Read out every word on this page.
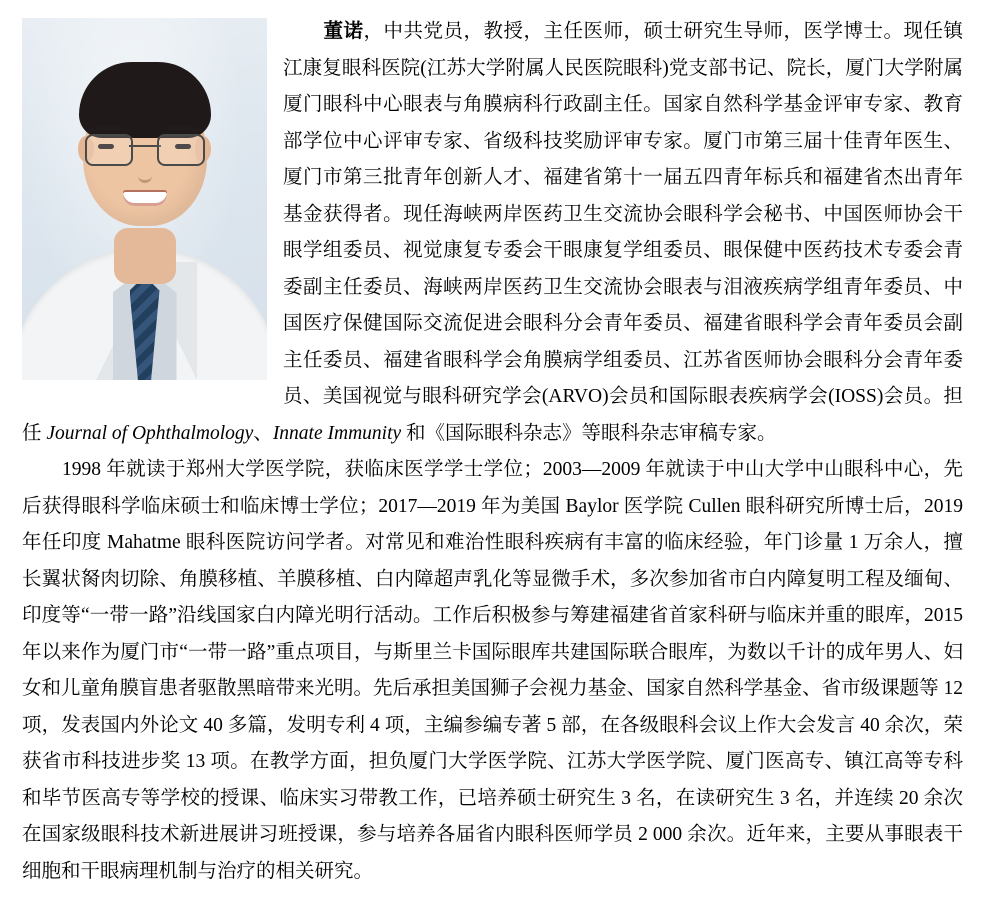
董诺，中共党员，教授，主任医师，硕士研究生导师，医学博士。现任镇江康复眼科医院(江苏大学附属人民医院眼科)党支部书记、院长，厦门大学附属厦门眼科中心眼表与角膜病科行政副主任。国家自然科学基金评审专家、教育部学位中心评审专家、省级科技奖励评审专家。厦门市第三届十佳青年医生、厦门市第三批青年创新人才、福建省第十一届五四青年标兵和福建省杰出青年基金获得者。现任海峡两岸医药卫生交流协会眼科学会秘书、中国医师协会干眼学组委员、视觉康复专委会干眼康复学组委员、眼保健中医药技术专委会青委副主任委员、海峡两岸医药卫生交流协会眼表与泪液疾病学组青年委员、中国医疗保健国际交流促进会眼科分会青年委员、福建省眼科学会青年委员会副主任委员、福建省眼科学会角膜病学组委员、江苏省医师协会眼科分会青年委员、美国视觉与眼科研究学会(ARVO)会员和国际眼表疾病学会(IOSS)会员。担任 Journal of Ophthalmology、Innate Immunity 和《国际眼科杂志》等眼科杂志审稿专家。

1998 年就读于郑州大学医学院，获临床医学学士学位；2003—2009 年就读于中山大学中山眼科中心，先后获得眼科学临床硕士和临床博士学位；2017—2019 年为美国 Baylor 医学院 Cullen 眼科研究所博士后，2019 年任印度 Mahatme 眼科医院访问学者。对常见和难治性眼科疾病有丰富的临床经验，年门诊量 1 万余人，擅长翼状胬肉切除、角膜移植、羊膜移植、白内障超声乳化等显微手术，多次参加省市白内障复明工程及缅甸、印度等“一带一路”沿线国家白内障光明行活动。工作后积极参与筹建福建省首家科研与临床并重的眼库，2015 年以来作为厦门市“一带一路”重点项目，与斯里兰卡国际眼库共建国际联合眼库，为数以千计的成年男人、妇女和儿童角膜盲患者驱散黑暗带来光明。先后承担美国狮子会视力基金、国家自然科学基金、省市级课题等 12 项，发表国内外论文 40 多篇，发明专利 4 项，主编参编专著 5 部，在各级眼科会议上作大会发言 40 余次，荣获省市科技进步奖 13 项。在教学方面，担负厦门大学医学院、江苏大学医学院、厦门医高专、镇江高等专科和毕节医高专等学校的授课、临床实习带教工作，已培养硕士研究生 3 名，在读研究生 3 名，并连续 20 余次在国家级眼科技术新进展讲习班授课，参与培养各届省内眼科医师学员 2 000 余次。近年来，主要从事眼表干细胞和干眼病理机制与治疗的相关研究。
